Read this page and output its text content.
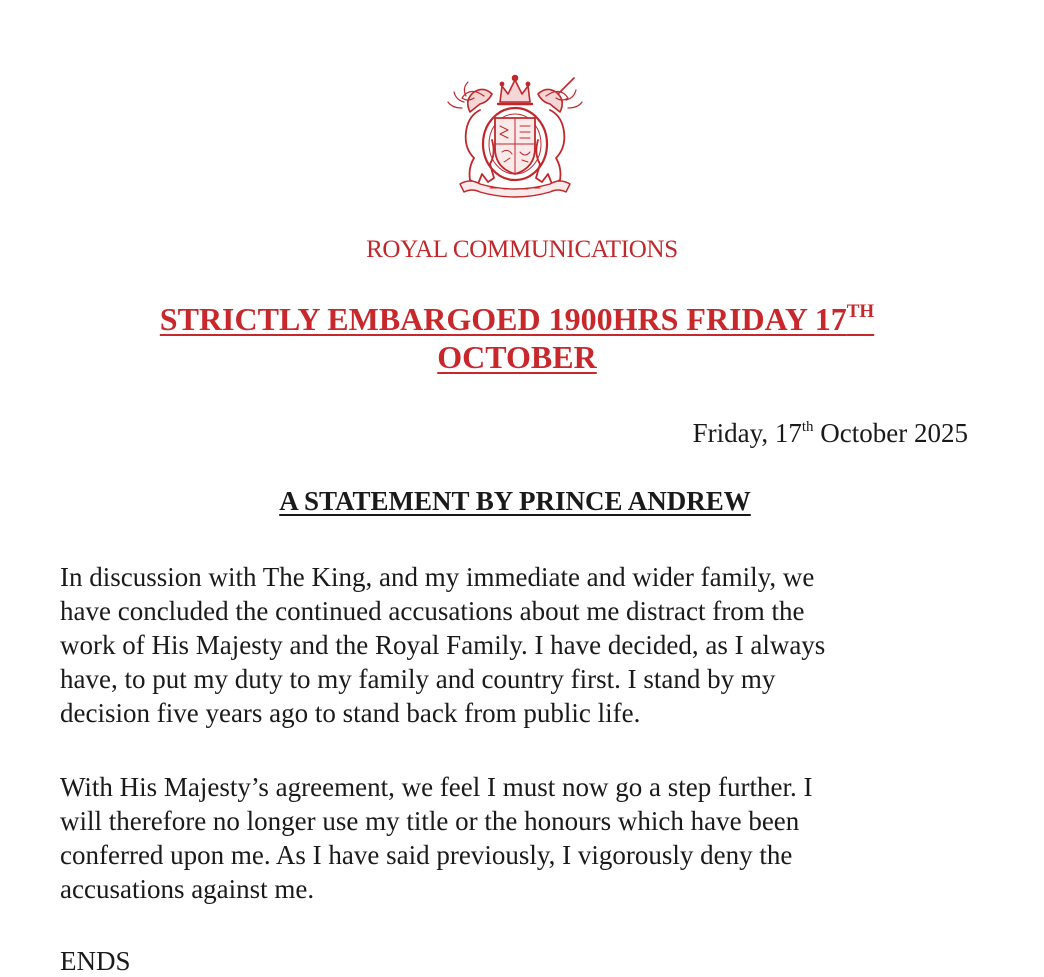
ROYAL COMMUNICATIONS
STRICTLY EMBARGOED 1900HRS FRIDAY 17TH
OCTOBER
Friday, 17th October 2025
A STATEMENT BY PRINCE ANDREW

In discussion with The King, and my immediate and wider family, we
have concluded the continued accusations about me distract from the
work of His Majesty and the Royal Family. I have decided, as I always
have, to put my duty to my family and country first. I stand by my
decision five years ago to stand back from public life.

With His Majesty’s agreement, we feel I must now go a step further. I
will therefore no longer use my title or the honours which have been
conferred upon me. As I have said previously, I vigorously deny the
accusations against me.

ENDS
